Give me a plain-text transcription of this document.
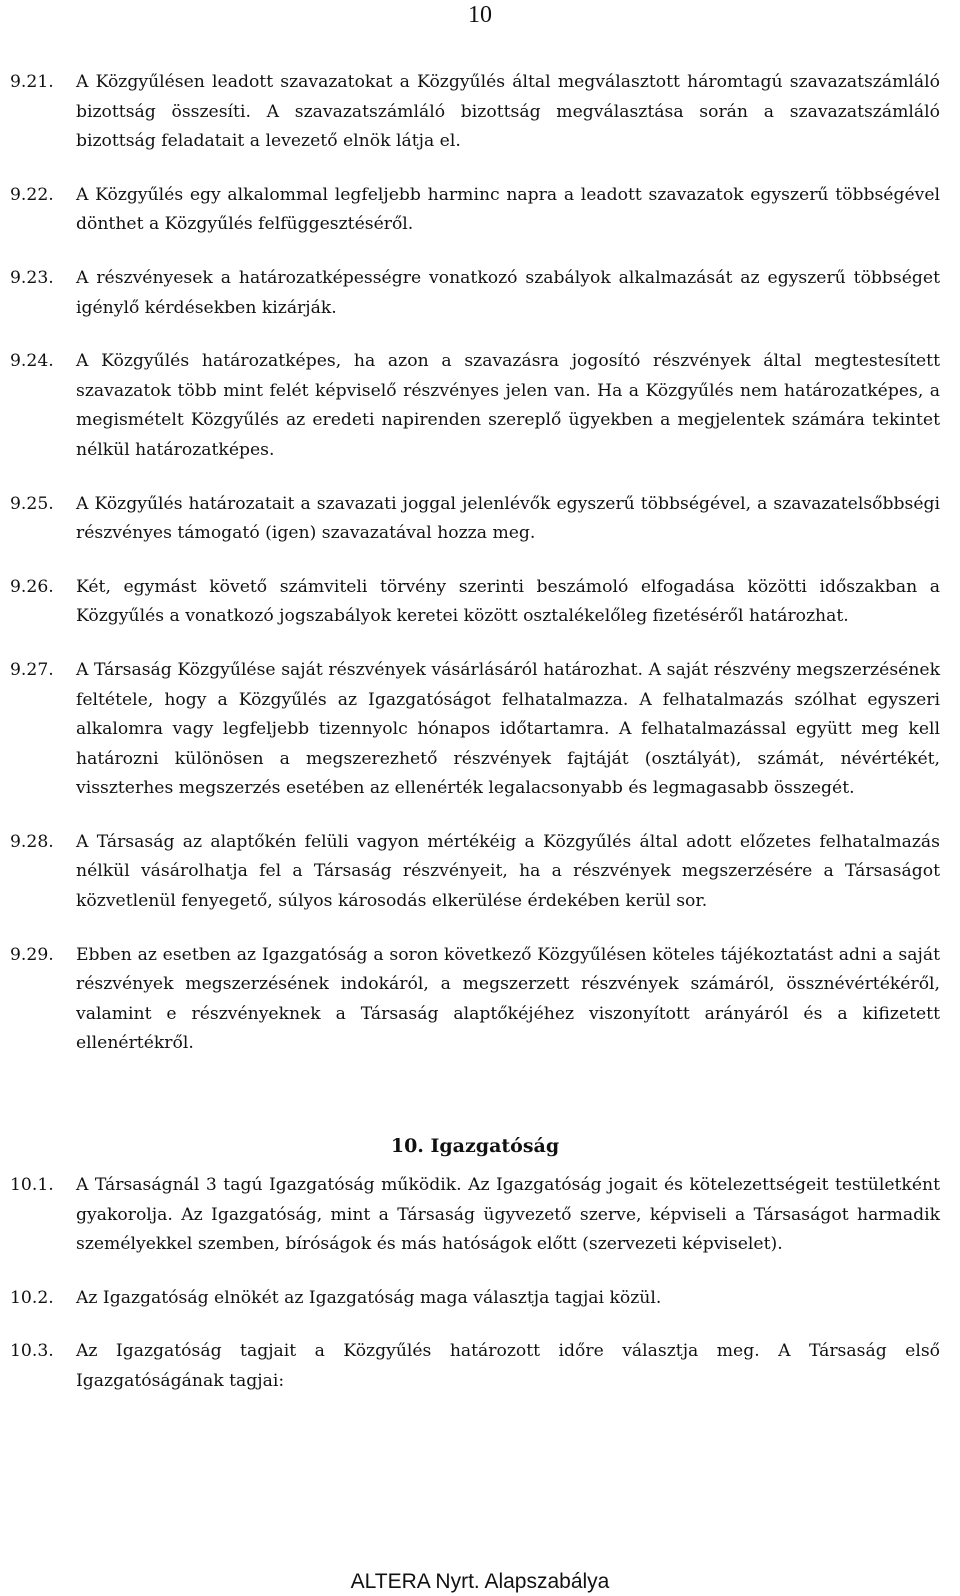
10
9.21.	A Közgyűlésen leadott szavazatokat a Közgyűlés által megválasztott háromtagú szavazatszámláló bizottság összesíti. A szavazatszámláló bizottság megválasztása során a szavazatszámláló bizottság feladatait a levezető elnök látja el.
9.22.	A Közgyűlés egy alkalommal legfeljebb harminc napra a leadott szavazatok egyszerű többségével dönthet a Közgyűlés felfüggesztéséről.
9.23.	A részvényesek a határozatképességre vonatkozó szabályok alkalmazását az egyszerű többséget igénylő kérdésekben kizárják.
9.24.	A Közgyűlés határozatképes, ha azon a szavazásra jogosító részvények által megtestesített szavazatok több mint felét képviselő részvényes jelen van. Ha a Közgyűlés nem határozatképes, a megismételt Közgyűlés az eredeti napirenden szereplő ügyekben a megjelentek számára tekintet nélkül határozatképes.
9.25.	A Közgyűlés határozatait a szavazati joggal jelenlévők egyszerű többségével, a szavazatelsőbbségi részvényes támogató (igen) szavazatával hozza meg.
9.26.	Két, egymást követő számviteli törvény szerinti beszámoló elfogadása közötti időszakban a Közgyűlés a vonatkozó jogszabályok keretei között osztalékelőleg fizetéséről határozhat.
9.27.	A Társaság Közgyűlése saját részvények vásárlásáról határozhat. A saját részvény megszerzésének feltétele, hogy a Közgyűlés az Igazgatóságot felhatalmazza. A felhatalmazás szólhat egyszeri alkalomra vagy legfeljebb tizennyolc hónapos időtartamra. A felhatalmazással együtt meg kell határozni különösen a megszerezhető részvények fajtáját (osztályát), számát, névértékét, visszterhes megszerzés esetében az ellenérték legalacsonyabb és legmagasabb összegét.
9.28.	A Társaság az alaptőkén felüli vagyon mértékéig a Közgyűlés által adott előzetes felhatalmazás nélkül vásárolhatja fel a Társaság részvényeit, ha a részvények megszerzésére a Társaságot közvetlenül fenyegető, súlyos károsodás elkerülése érdekében kerül sor.
9.29.	Ebben az esetben az Igazgatóság a soron következő Közgyűlésen köteles tájékoztatást adni a saját részvények megszerzésének indokáról, a megszerzett részvények számáról, össznévértékéről, valamint e részvényeknek a Társaság alaptőkéjéhez viszonyított arányáról és a kifizetett ellenértékről.
10. Igazgatóság
10.1.	A Társaságnál 3 tagú Igazgatóság működik. Az Igazgatóság jogait és kötelezettségeit testületként gyakorolja. Az Igazgatóság, mint a Társaság ügyvezető szerve, képviseli a Társaságot harmadik személyekkel szemben, bíróságok és más hatóságok előtt (szervezeti képviselet).
10.2.	Az Igazgatóság elnökét az Igazgatóság maga választja tagjai közül.
10.3.	Az Igazgatóság tagjait a Közgyűlés határozott időre választja meg. A Társaság első Igazgatóságának tagjai:
ALTERA Nyrt. Alapszabálya
